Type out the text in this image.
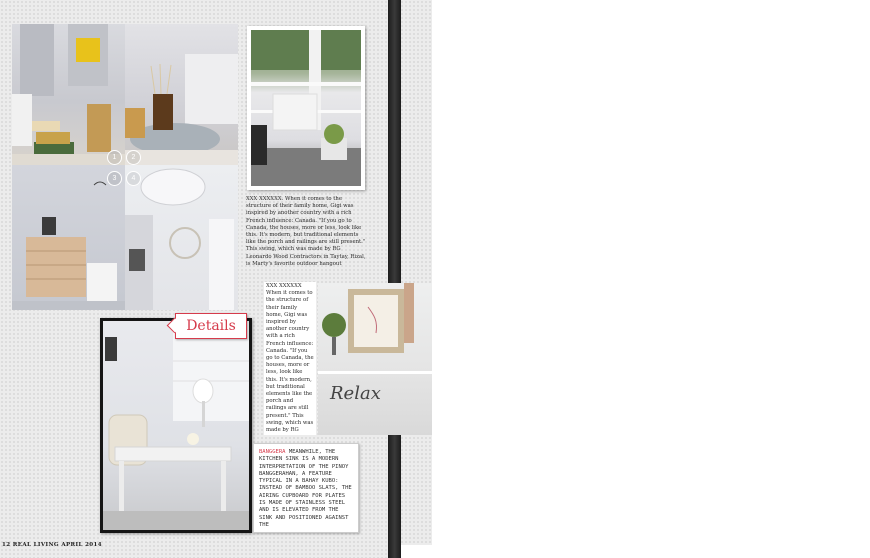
1	2
3	4
XXX XXXXXX. When it comes to the structure of their family home, Gigi was inspired by another country with a rich French influence: Canada. "If you go to Canada, the houses, more or less, look like this. It's modern, but traditional elements like the porch and railings are still present." This swing, which was made by RG Leonardo Wood Contractors in Taytay, Rizal, is Marty's favorite outdoor hangout
XXX XXXXXX When it comes to the structure of their family home, Gigi was inspired by another country with a rich French influence: Canada. "If you go to Canada, the houses, more or less, look like this. It's modern, but traditional elements like the porch and railings are still present." This swing, which was made by RG
Relax
Details
BANGGERA MEANWHILE, THE KITCHEN SINK IS A MODERN INTERPRETATION OF THE PINOY BANGGERAHAN, A FEATURE TYPICAL IN A BAHAY KUBO: INSTEAD OF BAMBOO SLATS, THE AIRING CUPBOARD FOR PLATES IS MADE OF STAINLESS STEEL AND IS ELEVATED FROM THE SINK AND POSITIONED AGAINST THE
12 REAL LIVING APRIL 2014
